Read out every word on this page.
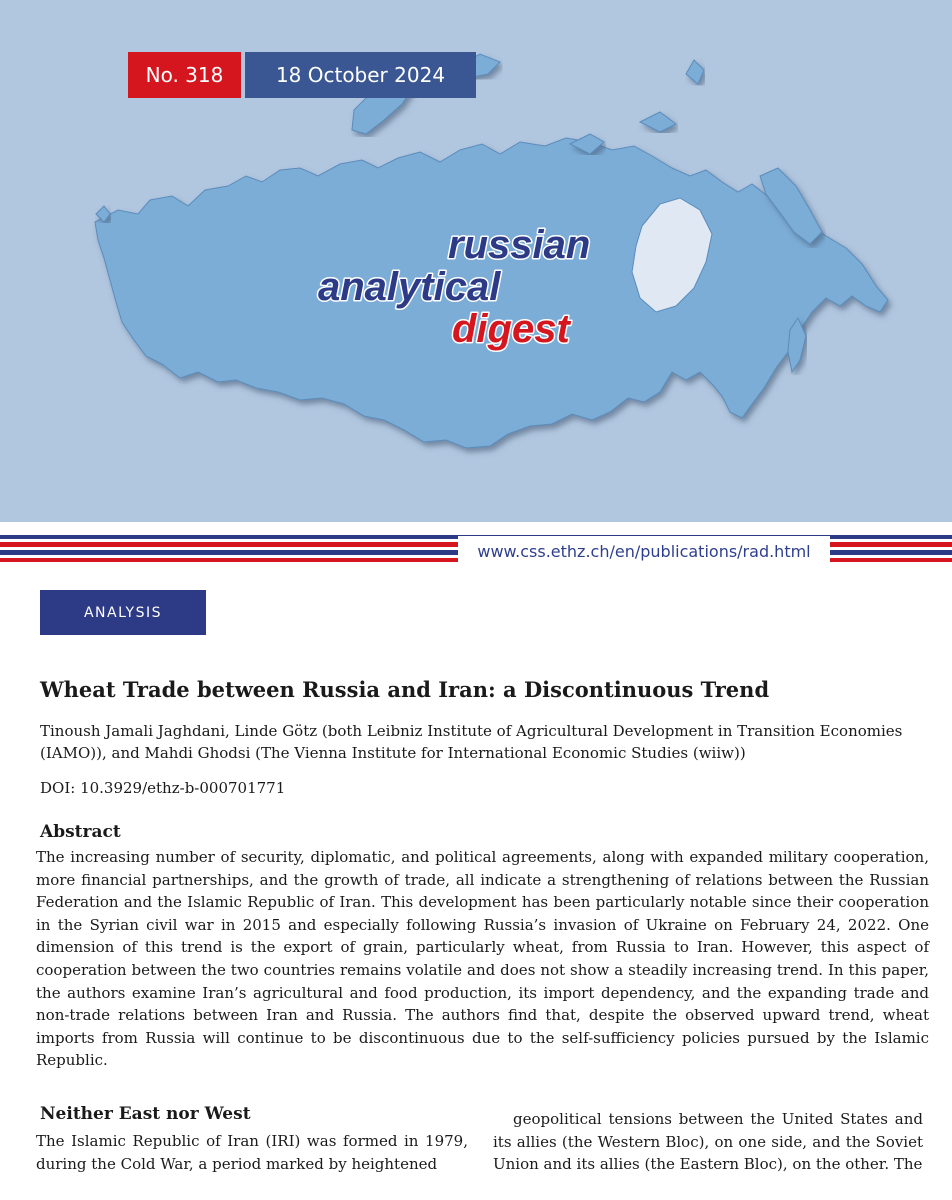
No. 318	18 October 2024
russian
analytical
digest
www.css.ethz.ch/en/publications/rad.html
ANALYSIS
Wheat Trade between Russia and Iran: a Discontinuous Trend
Tinoush Jamali Jaghdani, Linde Götz (both Leibniz Institute of Agricultural Development in Transition Economies (IAMO)), and Mahdi Ghodsi (The Vienna Institute for International Economic Studies (wiiw))
DOI: 10.3929/ethz-b-000701771
Abstract
The increasing number of security, diplomatic, and political agreements, along with expanded military cooperation, more financial partnerships, and the growth of trade, all indicate a strengthening of relations between the Russian Federation and the Islamic Republic of Iran. This development has been particularly notable since their cooperation in the Syrian civil war in 2015 and especially following Russia’s invasion of Ukraine on February 24, 2022. One dimension of this trend is the export of grain, particularly wheat, from Russia to Iran. However, this aspect of cooperation between the two countries remains volatile and does not show a steadily increasing trend. In this paper, the authors examine Iran’s agricultural and food production, its import dependency, and the expanding trade and non-trade relations between Iran and Russia. The authors find that, despite the observed upward trend, wheat imports from Russia will continue to be discontinuous due to the self-sufficiency policies pursued by the Islamic Republic.
Neither East nor West
The Islamic Republic of Iran (IRI) was formed in 1979, during the Cold War, a period marked by heightened
geopolitical tensions between the United States and its allies (the Western Bloc), on one side, and the Soviet Union and its allies (the Eastern Bloc), on the other. The
